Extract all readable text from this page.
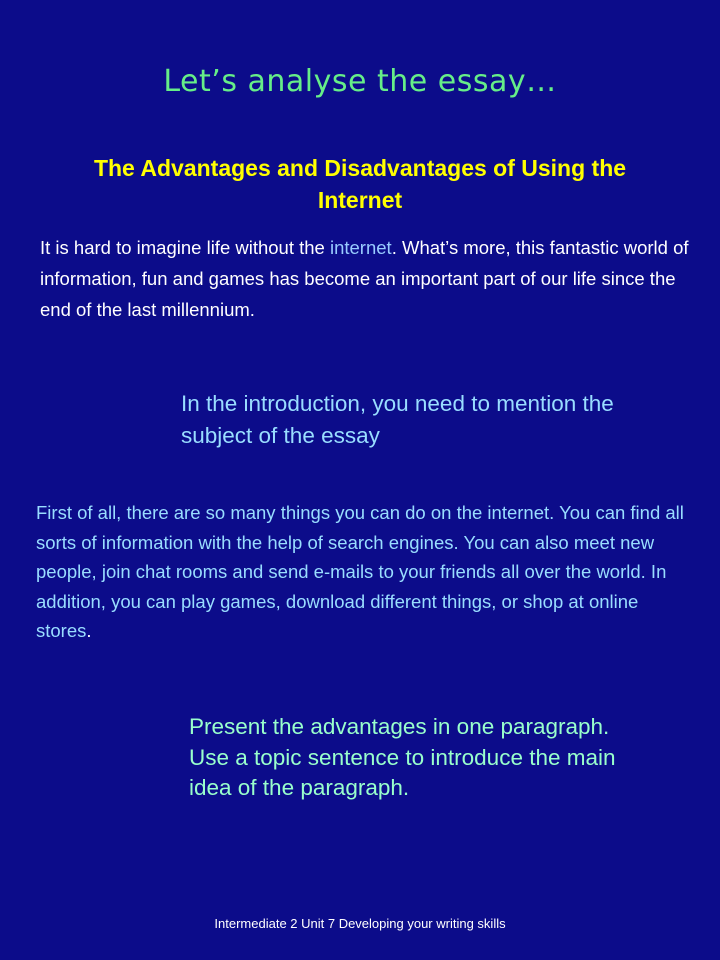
Let’s analyse the essay…
The Advantages and Disadvantages of Using the Internet
It is hard to imagine life without the internet. What’s more, this fantastic world of information, fun and games has become an important part of our life since the end of the last millennium.
In the introduction, you need to mention the subject of the essay
First of all, there are so many things you can do on the internet. You can find all sorts of information with the help of search engines. You can also meet new people, join chat rooms and send e-mails to your friends all over the world. In addition, you can play games, download different things, or shop at online stores.
Present the advantages in one paragraph.
Use a topic sentence to introduce the main idea of the paragraph.
Intermediate 2 Unit 7 Developing your writing skills
